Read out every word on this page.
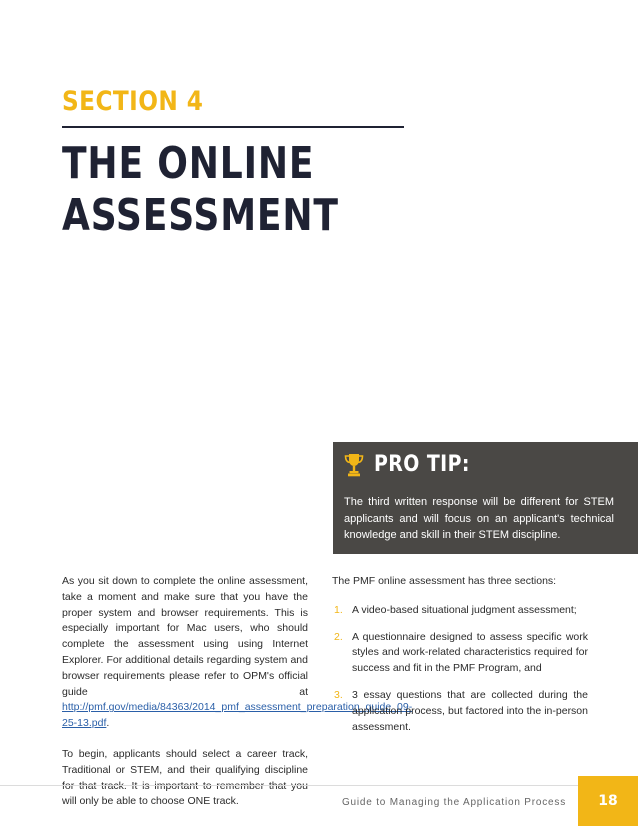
SECTION 4
THE ONLINE
ASSESSMENT
PRO TIP:
The third written response will be different for STEM applicants and will focus on an applicant's technical knowledge and skill in their STEM discipline.

As you sit down to complete the online assessment, take a moment and make sure that you have the proper system and browser requirements. This is especially important for Mac users, who should complete the assessment using using Internet Explorer. For additional details regarding system and browser requirements please refer to OPM's official guide at http://pmf.gov/media/84363/2014_pmf_assessment_preparation_guide_09-25-13.pdf.

To begin, applicants should select a career track, Traditional or STEM, and their qualifying discipline will only be able to choose ONE track.

The PMF online assessment has three sections:

1. A video-based situational judgment assessment;
2. A questionnaire designed to assess specific work styles and work-related characteristics required for success and fit in the PMF Program, and
3. 3 essay questions that are collected during the application process, but factored into the in-person assessment.
Guide to Managing the Application Process 18
